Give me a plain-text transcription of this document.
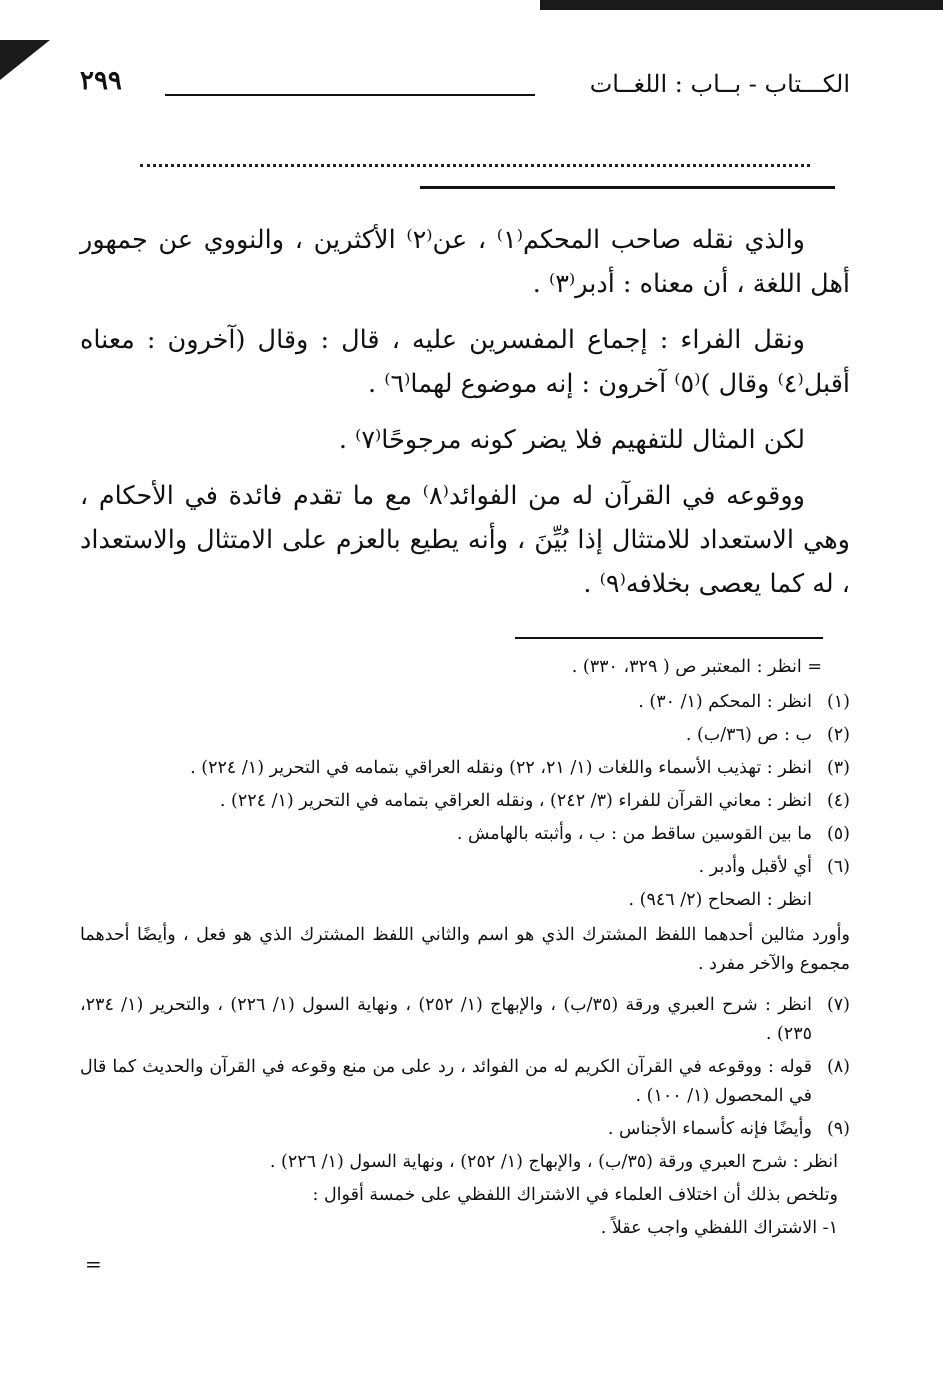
الكـــتاب - بــاب : اللغــات
٢٩٩

والذي نقله صاحب المحكم⁽١⁾ ، عن⁽٢⁾ الأكثرين ، والنووي عن جمهور أهل اللغة ، أن معناه : أدبر⁽٣⁾ .

ونقل الفراء : إجماع المفسرين عليه ، قال : وقال (آخرون : معناه أقبل⁽٤⁾ وقال )⁽٥⁾ آخرون : إنه موضوع لهما⁽٦⁾ .

لكن المثال للتفهيم فلا يضر كونه مرجوحًا⁽٧⁾ .

ووقوعه في القرآن له من الفوائد⁽٨⁾ مع ما تقدم فائدة في الأحكام ، وهي الاستعداد للامتثال إذا بُيِّنَ ، وأنه يطيع بالعزم على الامتثال والاستعداد ، له كما يعصى بخلافه⁽٩⁾ .

= انظر : المعتبر ص ( ٣٢٩، ٣٣٠) .
(١)
انظر : المحكم (١/ ٣٠) .
(٢)
ب : ص (٣٦/ب) .
(٣)
انظر : تهذيب الأسماء واللغات (١/ ٢١، ٢٢) ونقله العراقي بتمامه في التحرير (١/ ٢٢٤) .
(٤)
انظر : معاني القرآن للفراء (٣/ ٢٤٢) ، ونقله العراقي بتمامه في التحرير (١/ ٢٢٤) .
(٥)
ما بين القوسين ساقط من : ب ، وأثبته بالهامش .
(٦)
أي لأقبل وأدبر .
انظر : الصحاح (٢/ ٩٤٦) .
وأورد مثالين أحدهما اللفظ المشترك الذي هو اسم والثاني اللفظ المشترك الذي هو فعل ، وأيضًا أحدهما مجموع والآخر مفرد .
(٧)
انظر : شرح العبري ورقة (٣٥/ب) ، والإبهاج (١/ ٢٥٢) ، ونهاية السول (١/ ٢٢٦) ، والتحرير (١/ ٢٣٤، ٢٣٥) .
(٨)
قوله : ووقوعه في القرآن الكريم له من الفوائد ، رد على من منع وقوعه في القرآن والحديث كما قال في المحصول (١/ ١٠٠) .
(٩)
وأيضًا فإنه كأسماء الأجناس .
انظر : شرح العبري ورقة (٣٥/ب) ، والإبهاج (١/ ٢٥٢) ، ونهاية السول (١/ ٢٢٦) .
وتلخص بذلك أن اختلاف العلماء في الاشتراك اللفظي على خمسة أقوال :
١- الاشتراك اللفظي واجب عقلاً .
=
